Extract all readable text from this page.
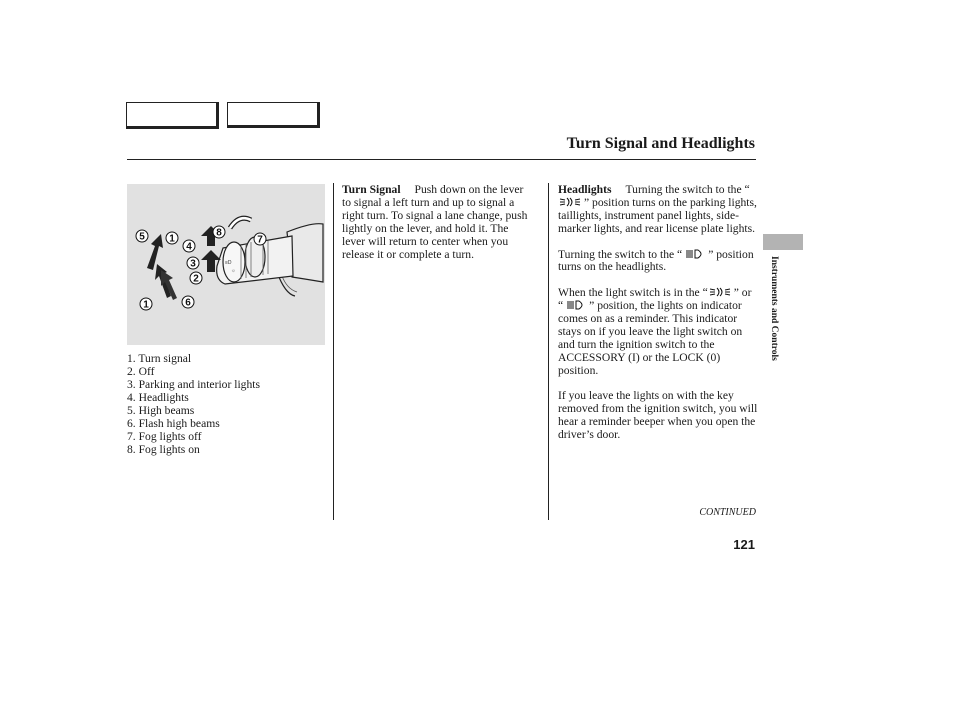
Turn Signal and Headlights
Instruments and Controls
≡D
☼
5 1
4
3
2
1	6
8
7
1. Turn signal
2. Off
3. Parking and interior lights
4. Headlights
5. High beams
6. Flash high beams
7. Fog lights off
8. Fog lights on

Turn Signal Push down on the lever to signal a left turn and up to signal a right turn. To signal a lane change, push lightly on the lever, and hold it. The lever will return to center when you release it or complete a turn.

Headlights Turning the switch to the “” position turns on the parking lights, taillights, instrument panel lights, side-marker lights, and rear license plate lights.

Turning the switch to the “ ” position turns on the headlights.

When the light switch is in the “ ” or “ ” position, the lights on indicator comes on as a reminder. This indicator stays on if you leave the light switch on and turn the ignition switch to the ACCESSORY (I) or the LOCK (0) position.

If you leave the lights on with the key removed from the ignition switch, you will hear a reminder beeper when you open the driver’s door.

CONTINUED
121
